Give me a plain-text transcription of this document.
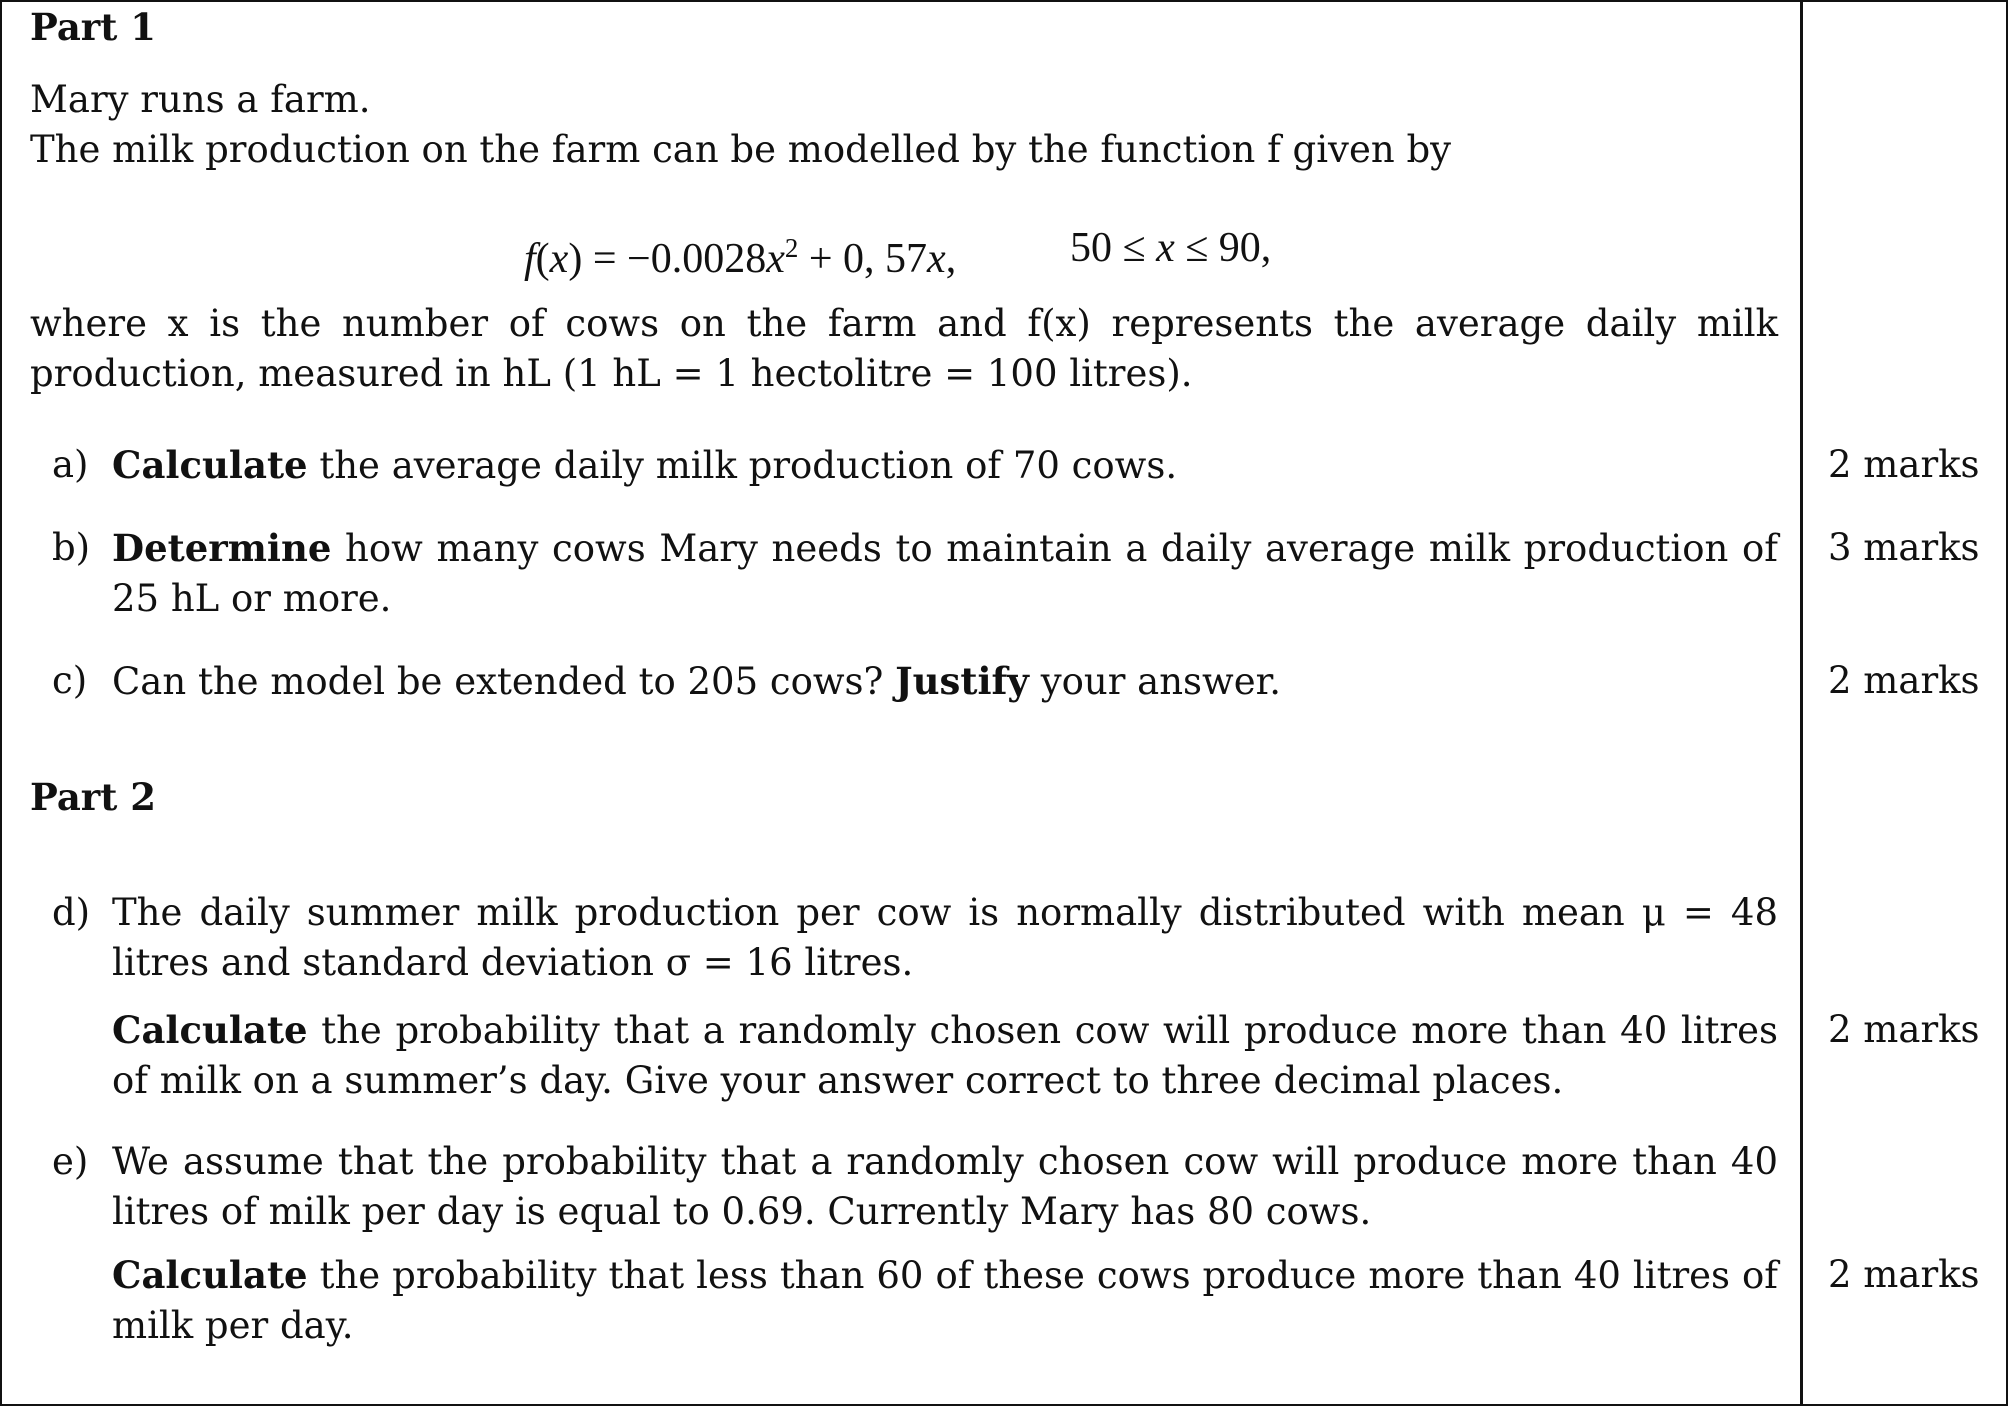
Part 1
Mary runs a farm.
The milk production on the farm can be modelled by the function f given by
$f(x) = -0.0028x^2 + 0$, 57x,	50 ≤ x ≤ 90,
where x is the number of cows on the farm and f(x) represents the average daily milk production, measured in hL (1 hL = 1 hectolitre = 100 litres).
a) Calculate the average daily milk production of 70 cows.
b) Determine how many cows Mary needs to maintain a daily average milk production of 25 hL or more.
c) Can the model be extended to 205 cows? Justify your answer.
Part 2
d) The daily summer milk production per cow is normally distributed with mean μ = 48 litres and standard deviation σ = 16 litres.
Calculate the probability that a randomly chosen cow will produce more than 40 litres of milk on a summer’s day. Give your answer correct to three decimal places.
e) We assume that the probability that a randomly chosen cow will produce more than 40 litres of milk per day is equal to 0.69. Currently Mary has 80 cows.
Calculate the probability that less than 60 of these cows produce more than 40 litres of milk per day.
2 marks
3 marks
2 marks
2 marks
2 marks
